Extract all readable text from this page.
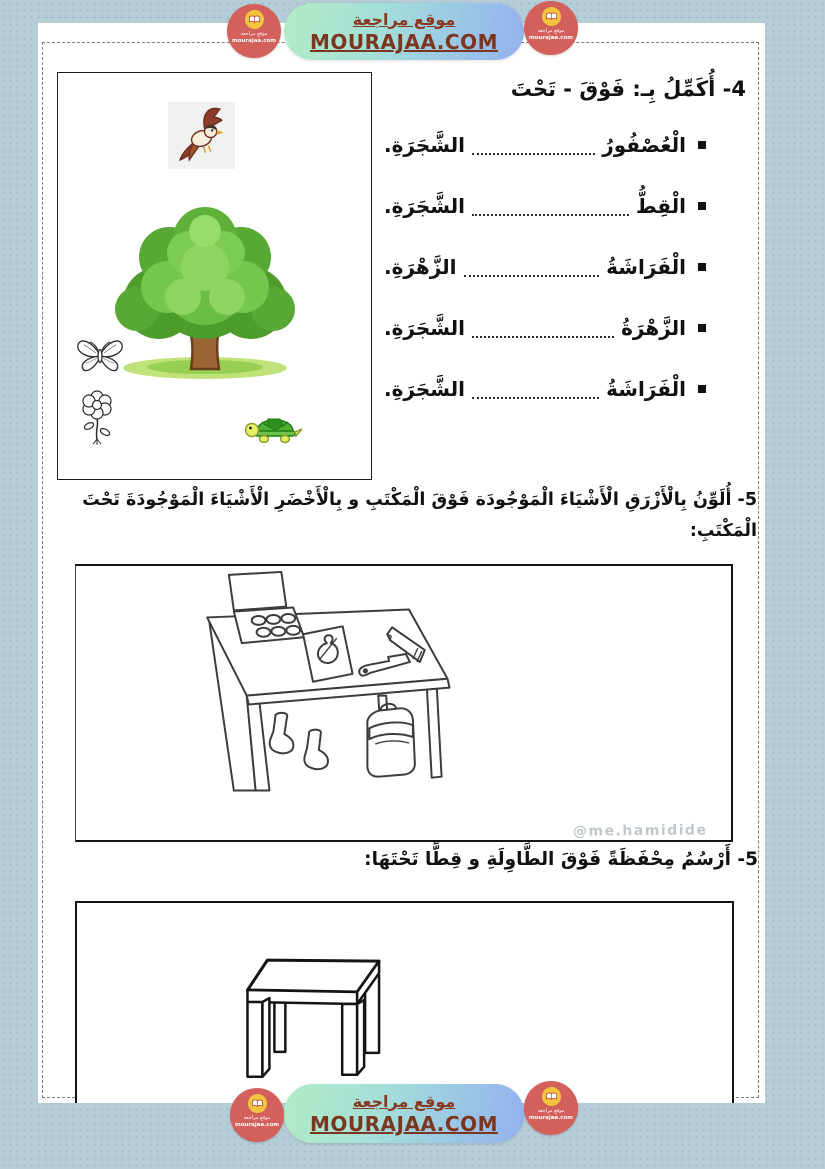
4- أُكَمِّلُ بِـ: فَوْقَ - تَحْتَ
الْعُصْفُورُ
الشَّجَرَةِ.
الْقِطُّ
الشَّجَرَةِ.
الْفَرَاشَةُ
الزَّهْرَةِ.
الزَّهْرَةُ
الشَّجَرَةِ.
الْفَرَاشَةُ
الشَّجَرَةِ.
5- أُلَوِّنُ بِالْأَزْرَقِ الْأَشْيَاءَ الْمَوْجُودَة فَوْقَ الْمَكْتَبِ و بِالْأَخْضَرِ الْأَشْيَاءَ الْمَوْجُودَةَ تَحْتَ
الْمَكْتَبِ:
5- أَرْسُمُ مِحْفَظَةً فَوْقَ الطَّاوِلَةِ و قِطًّا تَحْتَهَا:
@me.hamidide
موقع مراجعة
MOURAJAA.COM
موقع مراجعة
mourajaa.com
موقع مراجعة
mourajaa.com
موقع مراجعة
MOURAJAA.COM
موقع مراجعة
mourajaa.com
موقع مراجعة
mourajaa.com
